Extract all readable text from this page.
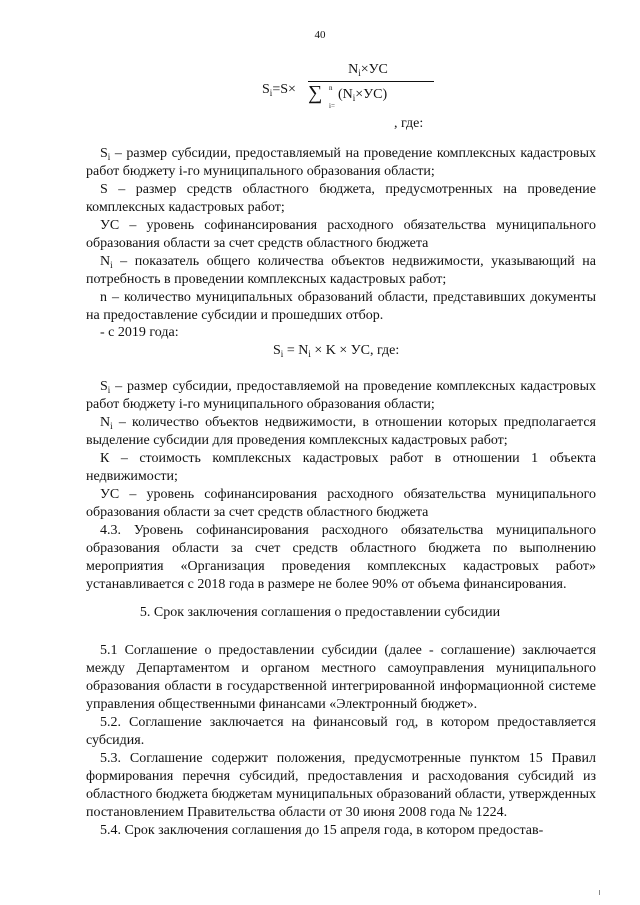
40
$S_i=S\times$
$N_i\times УС$
∑ n
i=
$(N_i\times УС)$
, где:

$S_i$ – размер субсидии, предоставляемый на проведение комплексных кадастровых работ бюджету i-го муниципального образования области;

S – размер средств областного бюджета, предусмотренных на проведение комплексных кадастровых работ;

УС – уровень софинансирования расходного обязательства муниципального образования области за счет средств областного бюджета

$N_i$ – показатель общего количества объектов недвижимости, указывающий на потребность в проведении комплексных кадастровых работ;

n – количество муниципальных образований области, представивших документы на предоставление субсидии и прошедших отбор.

- с 2019 года:

$S_i = N_i \times K$ × УС, где:

$S_i$ – размер субсидии, предоставляемой на проведение комплексных кадастровых работ бюджету i-го муниципального образования области;

$N_i$ – количество объектов недвижимости, в отношении которых предполагается выделение субсидии для проведения комплексных кадастровых работ;

К – стоимость комплексных кадастровых работ в отношении 1 объекта недвижимости;

УС – уровень софинансирования расходного обязательства муниципального образования области за счет средств областного бюджета

4.3. Уровень софинансирования расходного обязательства муниципального образования области за счет средств областного бюджета по выполнению мероприятия «Организация проведения комплексных кадастровых работ» устанавливается с 2018 года в размере не более 90% от объема финансирования.

5. Срок заключения соглашения о предоставлении субсидии

5.1 Соглашение о предоставлении субсидии (далее - соглашение) заключается между Департаментом и органом местного самоуправления муниципального образования области в государственной интегрированной информационной системе управления общественными финансами «Электронный бюджет».

5.2. Соглашение заключается на финансовый год, в котором предоставляется субсидия.

5.3. Соглашение содержит положения, предусмотренные пунктом 15 Правил формирования перечня субсидий, предоставления и расходования субсидий из областного бюджета бюджетам муниципальных образований области, утвержденных постановлением Правительства области от 30 июня 2008 года № 1224.

5.4. Срок заключения соглашения до 15 апреля года, в котором предостав-
